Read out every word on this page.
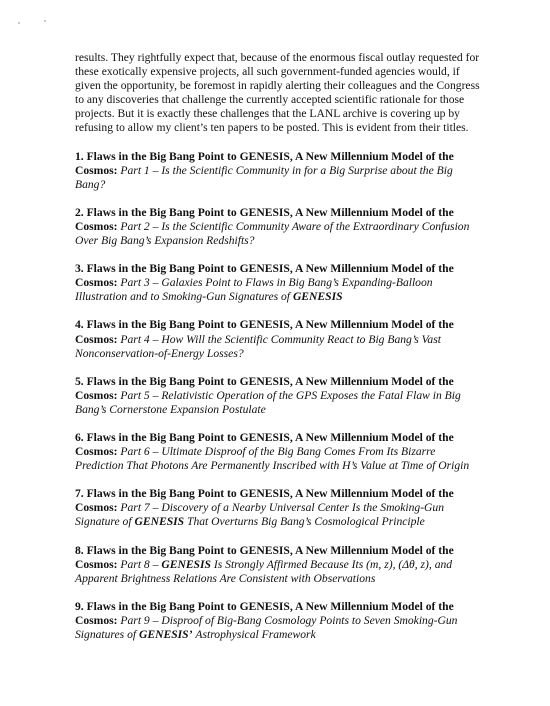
results. They rightfully expect that, because of the enormous fiscal outlay requested for these exotically expensive projects, all such government-funded agencies would, if given the opportunity, be foremost in rapidly alerting their colleagues and the Congress to any discoveries that challenge the currently accepted scientific rationale for those projects. But it is exactly these challenges that the LANL archive is covering up by refusing to allow my client’s ten papers to be posted. This is evident from their titles.

1. Flaws in the Big Bang Point to GENESIS, A New Millennium Model of the Cosmos: Part 1 – Is the Scientific Community in for a Big Surprise about the Big Bang?

2. Flaws in the Big Bang Point to GENESIS, A New Millennium Model of the Cosmos: Part 2 – Is the Scientific Community Aware of the Extraordinary Confusion Over Big Bang’s Expansion Redshifts?

3. Flaws in the Big Bang Point to GENESIS, A New Millennium Model of the Cosmos: Part 3 – Galaxies Point to Flaws in Big Bang’s Expanding-Balloon Illustration and to Smoking-Gun Signatures of GENESIS

4. Flaws in the Big Bang Point to GENESIS, A New Millennium Model of the Cosmos: Part 4 – How Will the Scientific Community React to Big Bang’s Vast Nonconservation-of-Energy Losses?

5. Flaws in the Big Bang Point to GENESIS, A New Millennium Model of the Cosmos: Part 5 – Relativistic Operation of the GPS Exposes the Fatal Flaw in Big Bang’s Cornerstone Expansion Postulate

6. Flaws in the Big Bang Point to GENESIS, A New Millennium Model of the Cosmos: Part 6 – Ultimate Disproof of the Big Bang Comes From Its Bizarre Prediction That Photons Are Permanently Inscribed with H’s Value at Time of Origin

7. Flaws in the Big Bang Point to GENESIS, A New Millennium Model of the Cosmos: Part 7 – Discovery of a Nearby Universal Center Is the Smoking-Gun Signature of GENESIS That Overturns Big Bang’s Cosmological Principle

8. Flaws in the Big Bang Point to GENESIS, A New Millennium Model of the Cosmos: Part 8 – GENESIS Is Strongly Affirmed Because Its (m, z), (Δθ, z), and Apparent Brightness Relations Are Consistent with Observations

9. Flaws in the Big Bang Point to GENESIS, A New Millennium Model of the Cosmos: Part 9 – Disproof of Big-Bang Cosmology Points to Seven Smoking-Gun Signatures of GENESIS’ Astrophysical Framework
